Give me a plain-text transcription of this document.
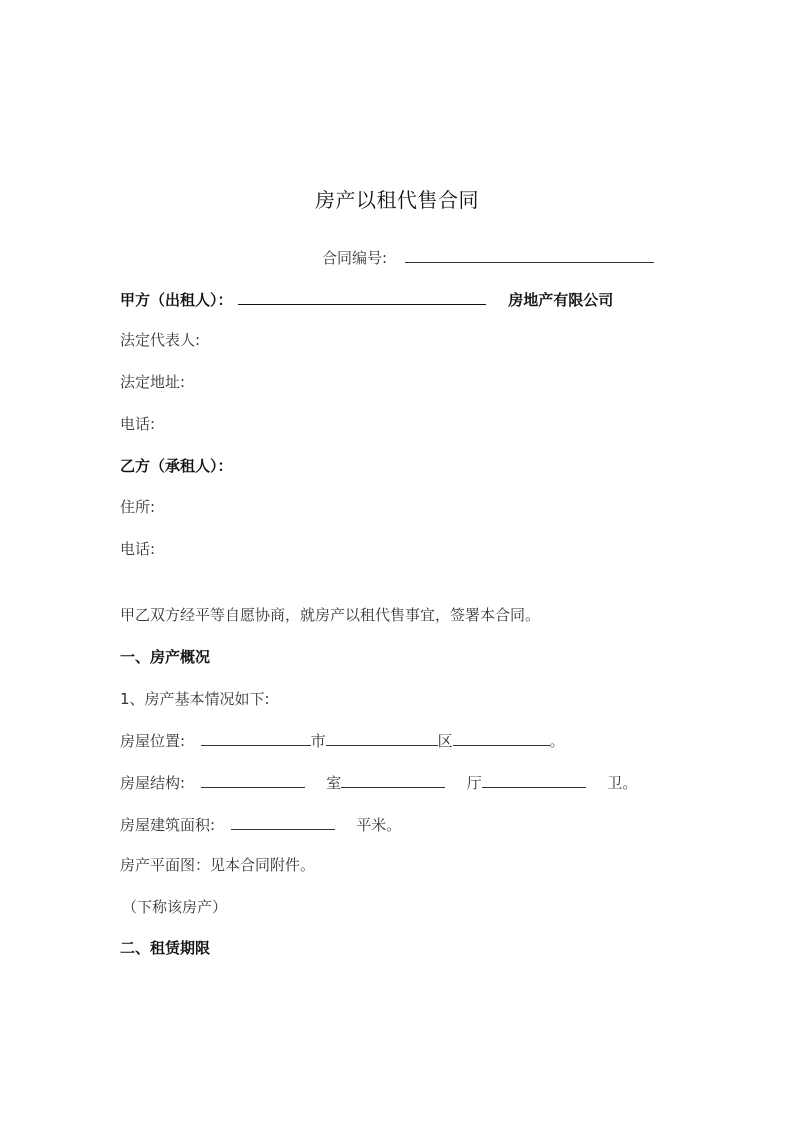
房产以租代售合同
合同编号:
甲方（出租人）：	房地产有限公司
法定代表人:
法定地址:
电话:
乙方（承租人）：
住所:
电话:
甲乙双方经平等自愿协商，就房产以租代售事宜，签署本合同。
一、房产概况
1、房产基本情况如下:
房屋位置:	市	区	。
房屋结构:	室	厅	卫。
房屋建筑面积:	平米。
房产平面图：见本合同附件。
（下称该房产）
二、租赁期限
